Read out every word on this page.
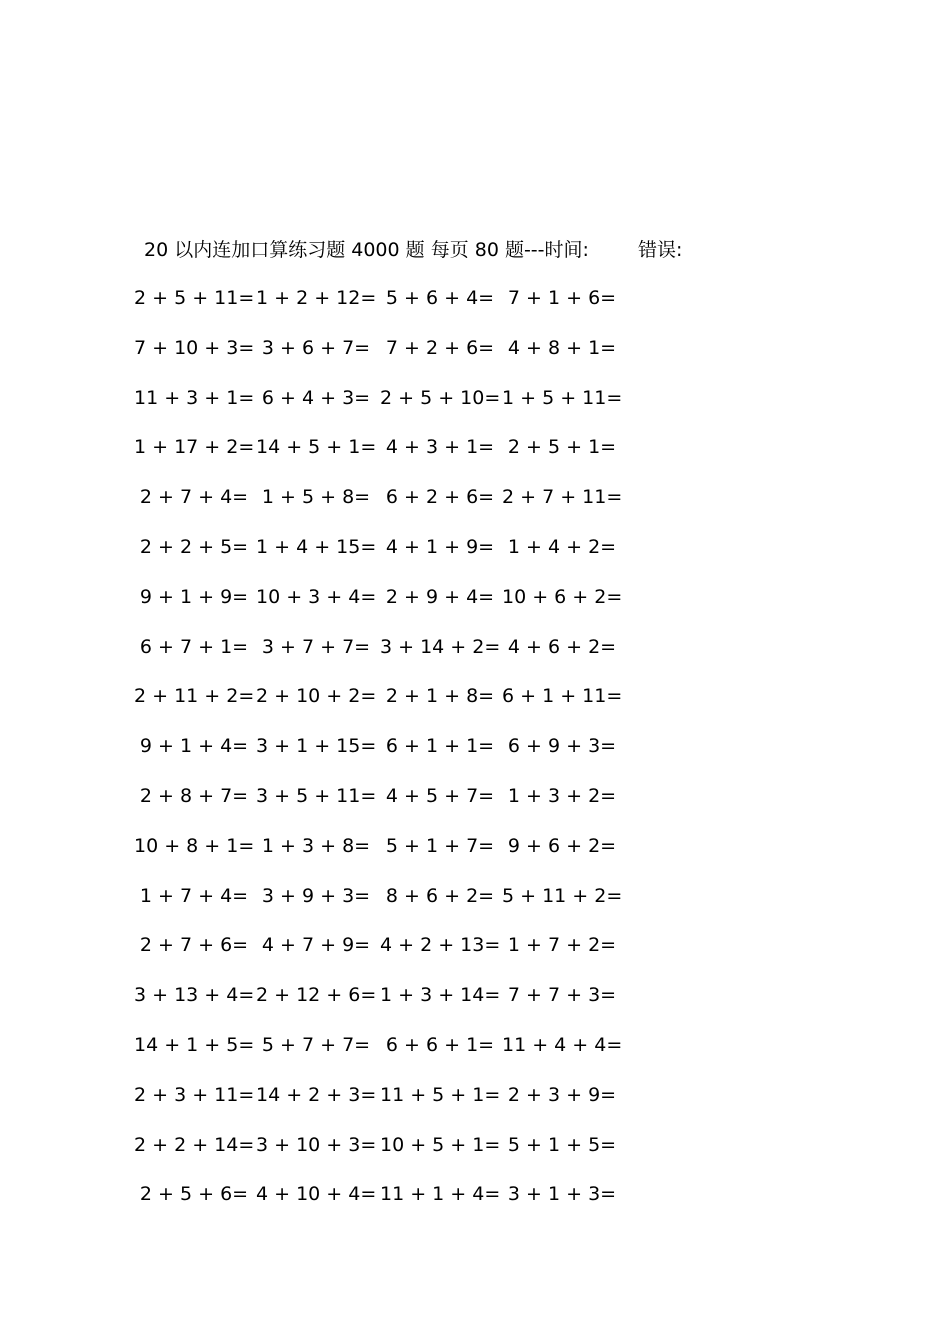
20 以内连加口算练习题 4000 题 每页 80 题---时间:	错误:
2 + 5 + 11= 1 + 2 + 12= 5 + 6 + 4= 7 + 1 + 6=
7 + 10 + 3= 3 + 6 + 7= 7 + 2 + 6= 4 + 8 + 1=
11 + 3 + 1= 6 + 4 + 3= 2 + 5 + 10= 1 + 5 + 11=
1 + 17 + 2= 14 + 5 + 1= 4 + 3 + 1= 2 + 5 + 1=
2 + 7 + 4= 1 + 5 + 8= 6 + 2 + 6= 2 + 7 + 11=
2 + 2 + 5= 1 + 4 + 15= 4 + 1 + 9= 1 + 4 + 2=
9 + 1 + 9= 10 + 3 + 4= 2 + 9 + 4= 10 + 6 + 2=
6 + 7 + 1= 3 + 7 + 7= 3 + 14 + 2= 4 + 6 + 2=
2 + 11 + 2= 2 + 10 + 2= 2 + 1 + 8= 6 + 1 + 11=
9 + 1 + 4= 3 + 1 + 15= 6 + 1 + 1= 6 + 9 + 3=
2 + 8 + 7= 3 + 5 + 11= 4 + 5 + 7= 1 + 3 + 2=
10 + 8 + 1= 1 + 3 + 8= 5 + 1 + 7= 9 + 6 + 2=
1 + 7 + 4= 3 + 9 + 3= 8 + 6 + 2= 5 + 11 + 2=
2 + 7 + 6= 4 + 7 + 9= 4 + 2 + 13= 1 + 7 + 2=
3 + 13 + 4= 2 + 12 + 6= 1 + 3 + 14= 7 + 7 + 3=
14 + 1 + 5= 5 + 7 + 7= 6 + 6 + 1= 11 + 4 + 4=
2 + 3 + 11= 14 + 2 + 3= 11 + 5 + 1= 2 + 3 + 9=
2 + 2 + 14= 3 + 10 + 3= 10 + 5 + 1= 5 + 1 + 5=
2 + 5 + 6= 4 + 10 + 4= 11 + 1 + 4= 3 + 1 + 3=
